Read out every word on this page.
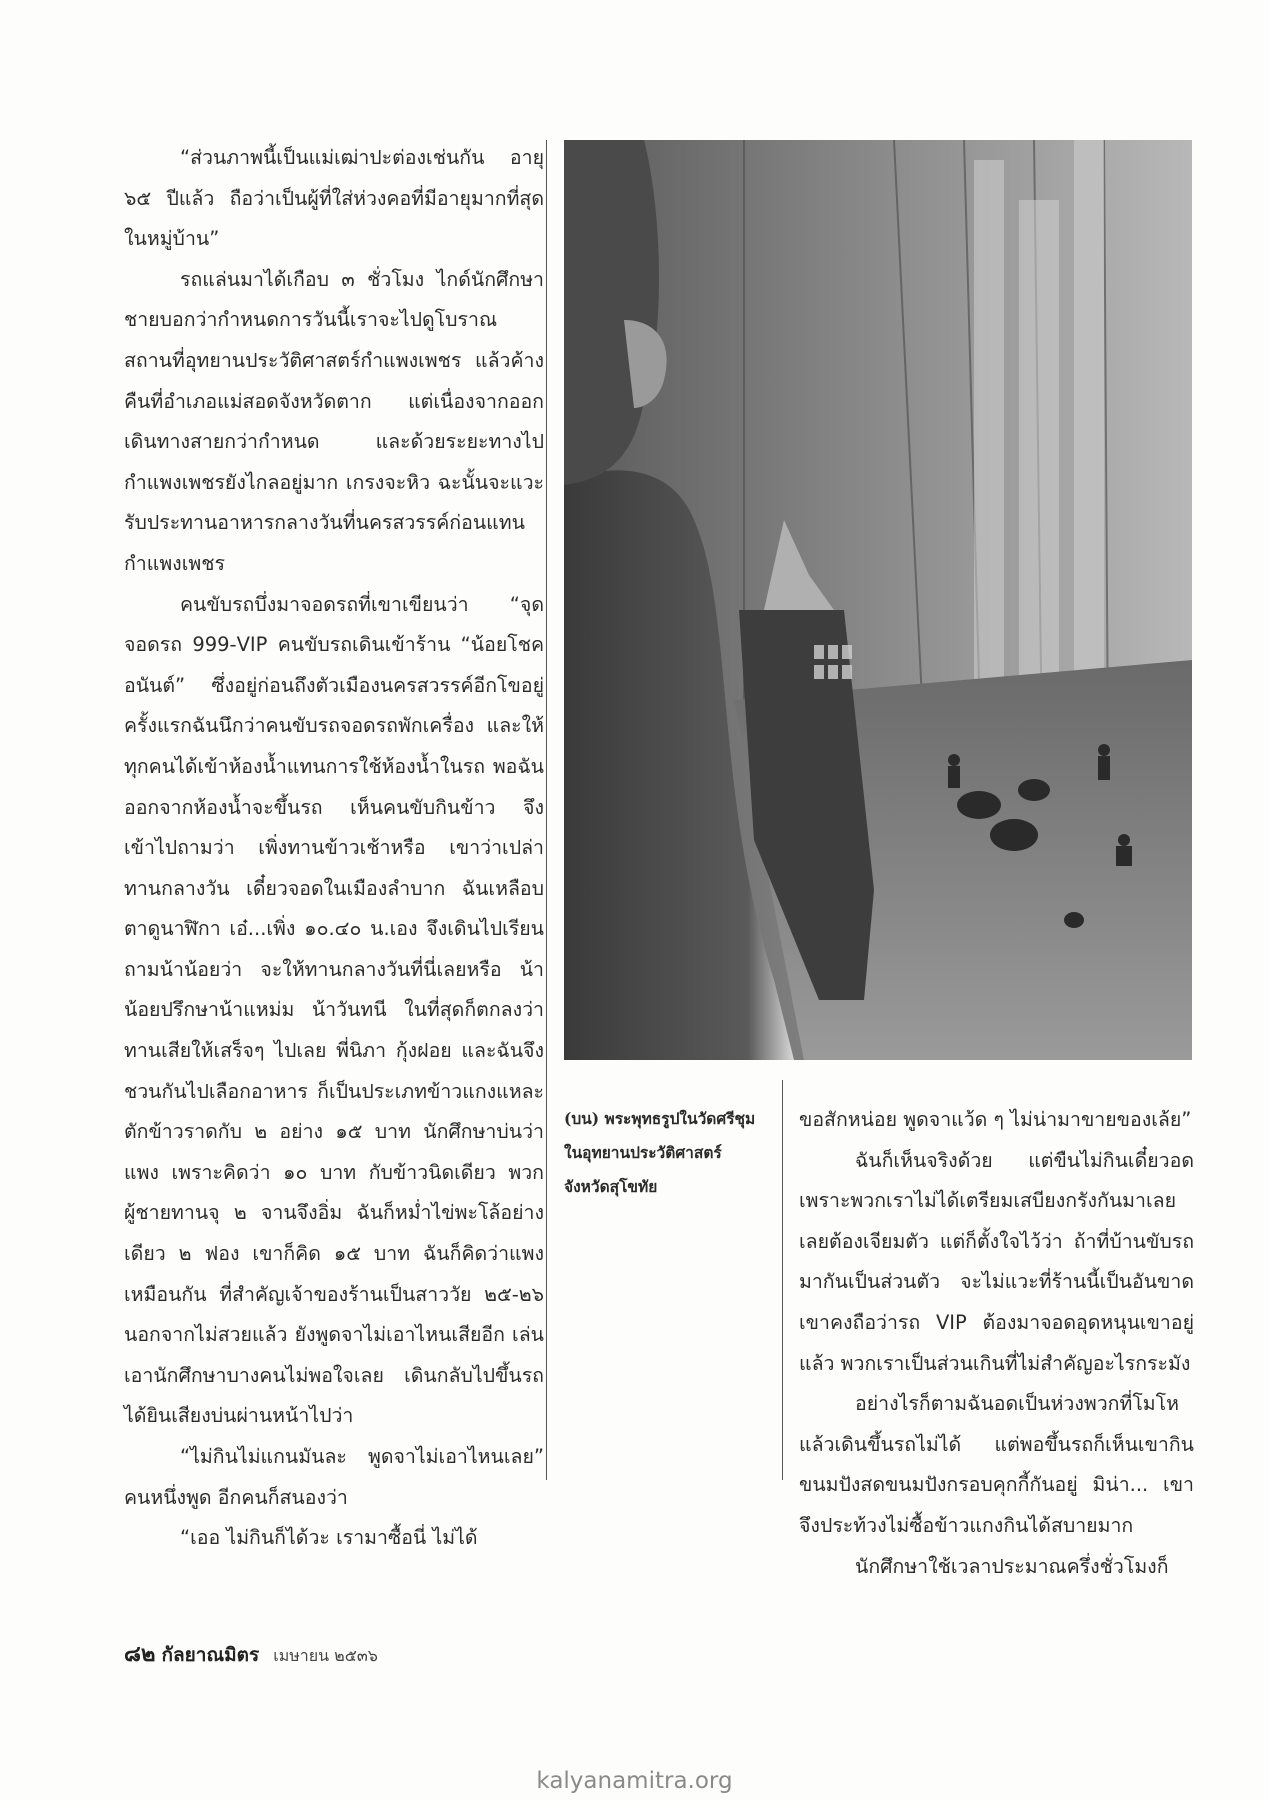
“ส่วนภาพนี้เป็นแม่เฒ่าปะต่องเช่นกัน อายุ ๖๕ ปีแล้ว ถือว่าเป็นผู้ที่ใส่ห่วงคอที่มีอายุมากที่สุดในหมู่บ้าน”

รถแล่นมาได้เกือบ ๓ ชั่วโมง ไกด์นักศึกษาชายบอกว่ากำหนดการวันนี้เราจะไปดูโบราณสถานที่อุทยานประวัติศาสตร์กำแพงเพชร แล้วค้างคืนที่อำเภอแม่สอดจังหวัดตาก แต่เนื่องจากออกเดินทางสายกว่ากำหนด และด้วยระยะทางไปกำแพงเพชรยังไกลอยู่มาก เกรงจะหิว ฉะนั้นจะแวะรับประทานอาหารกลางวันที่นครสวรรค์ก่อนแทนกำแพงเพชร

คนขับรถบึ่งมาจอดรถที่เขาเขียนว่า “จุดจอดรถ 999-VIP คนขับรถเดินเข้าร้าน “น้อยโชคอนันต์” ซึ่งอยู่ก่อนถึงตัวเมืองนครสวรรค์อีกโขอยู่ ครั้งแรกฉันนึกว่าคนขับรถจอดรถพักเครื่อง และให้ทุกคนได้เข้าห้องน้ำแทนการใช้ห้องน้ำในรถ พอฉันออกจากห้องน้ำจะขึ้นรถ เห็นคนขับกินข้าว จึงเข้าไปถามว่า เพิ่งทานข้าวเช้าหรือ เขาว่าเปล่าทานกลางวัน เดี๋ยวจอดในเมืองลำบาก ฉันเหลือบตาดูนาฬิกา เอ๋...เพิ่ง ๑๐.๔๐ น.เอง จึงเดินไปเรียนถามน้าน้อยว่า จะให้ทานกลางวันที่นี่เลยหรือ น้าน้อยปรึกษาน้าแหม่ม น้าวันทนี ในที่สุดก็ตกลงว่าทานเสียให้เสร็จๆ ไปเลย พี่นิภา กุ้งฝอย และฉันจึงชวนกันไปเลือกอาหาร ก็เป็นประเภทข้าวแกงแหละ ตักข้าวราดกับ ๒ อย่าง ๑๕ บาท นักศึกษาบ่นว่าแพง เพราะคิดว่า ๑๐ บาท กับข้าวนิดเดียว พวกผู้ชายทานจุ ๒ จานจึงอิ่ม ฉันก็หม่ำไข่พะโล้อย่างเดียว ๒ ฟอง เขาก็คิด ๑๕ บาท ฉันก็คิดว่าแพงเหมือนกัน ที่สำคัญเจ้าของร้านเป็นสาววัย ๒๕-๒๖ นอกจากไม่สวยแล้ว ยังพูดจาไม่เอาไหนเสียอีก เล่นเอานักศึกษาบางคนไม่พอใจเลย เดินกลับไปขึ้นรถ ได้ยินเสียงบ่นผ่านหน้าไปว่า

“ไม่กินไม่แกนมันละ พูดจาไม่เอาไหนเลย” คนหนึ่งพูด อีกคนก็สนองว่า

“เออ ไม่กินก็ได้วะ เรามาซื้อนี่ ไม่ได้

(บน) พระพุทธรูปในวัดศรีชุม ในอุทยานประวัติศาสตร์ จังหวัดสุโขทัย

ขอสักหน่อย พูดจาแว้ด ๆ ไม่น่ามาขายของเล้ย”

ฉันก็เห็นจริงด้วย แต่ขืนไม่กินเดี๋ยวอดเพราะพวกเราไม่ได้เตรียมเสบียงกรังกันมาเลย เลยต้องเจียมตัว แต่ก็ตั้งใจไว้ว่า ถ้าที่บ้านขับรถมากันเป็นส่วนตัว จะไม่แวะที่ร้านนี้เป็นอันขาดเขาคงถือว่ารถ VIP ต้องมาจอดอุดหนุนเขาอยู่แล้ว พวกเราเป็นส่วนเกินที่ไม่สำคัญอะไรกระมัง

อย่างไรก็ตามฉันอดเป็นห่วงพวกที่โมโหแล้วเดินขึ้นรถไม่ได้ แต่พอขึ้นรถก็เห็นเขากินขนมปังสดขนมปังกรอบคุกกี้กันอยู่ มิน่า... เขาจึงประท้วงไม่ซื้อข้าวแกงกินได้สบายมาก

นักศึกษาใช้เวลาประมาณครึ่งชั่วโมงก็

๘๒ กัลยาณมิตร เมษายน ๒๕๓๖
kalyanamitra.org
